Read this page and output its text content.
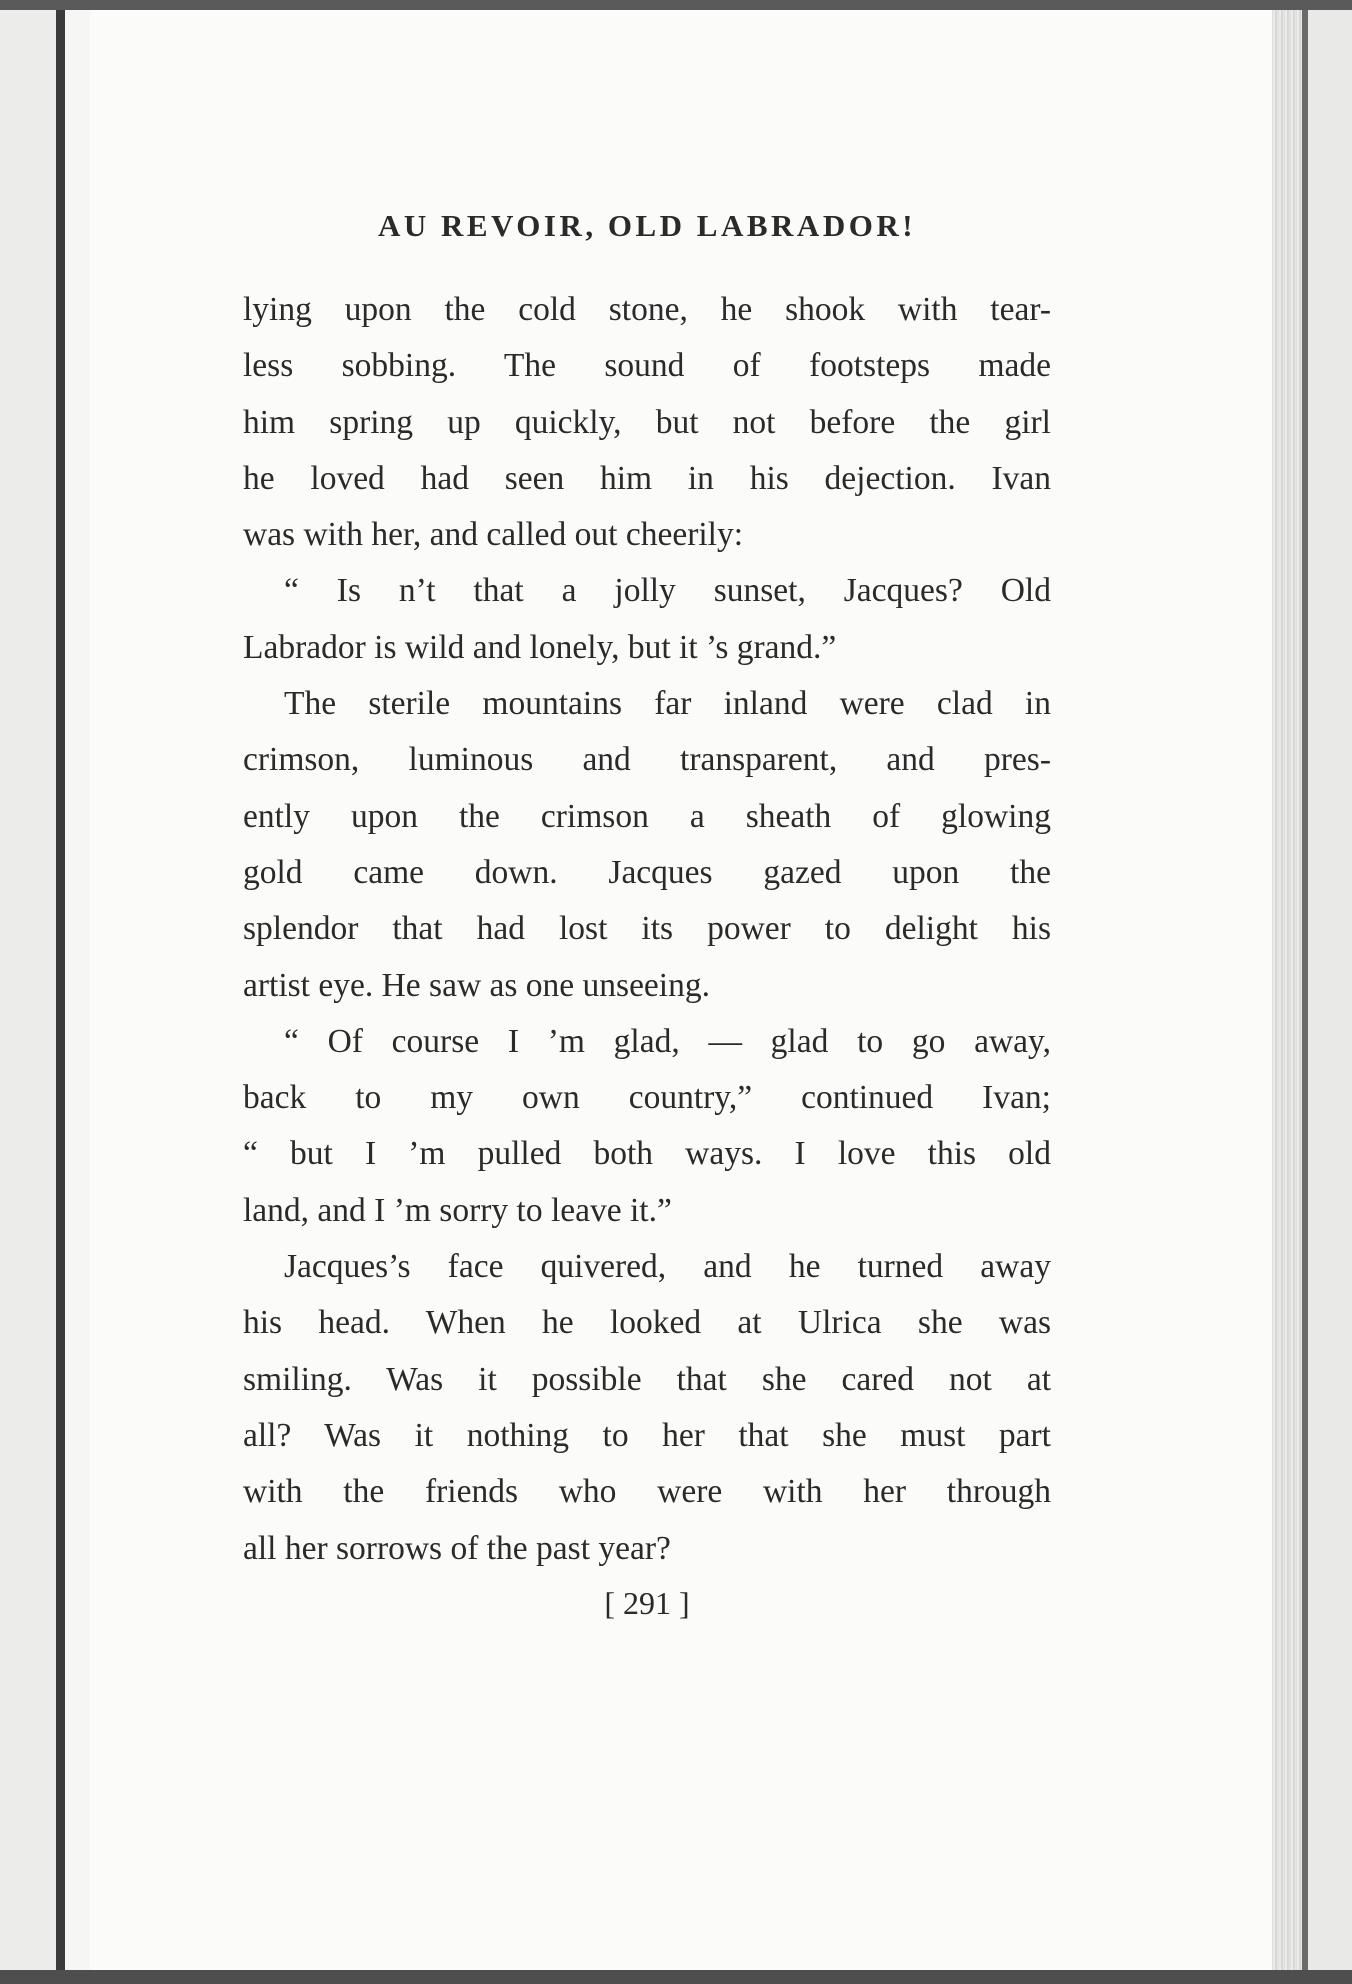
AU REVOIR, OLD LABRADOR!
lying upon the cold stone, he shook with tear-
less sobbing. The sound of footsteps made
him spring up quickly, but not before the girl
he loved had seen him in his dejection. Ivan
was with her, and called out cheerily:
“ Is n’t that a jolly sunset, Jacques? Old
Labrador is wild and lonely, but it ’s grand.”
The sterile mountains far inland were clad in
crimson, luminous and transparent, and pres-
ently upon the crimson a sheath of glowing
gold came down. Jacques gazed upon the
splendor that had lost its power to delight his
artist eye. He saw as one unseeing.
“ Of course I ’m glad, — glad to go away,
back to my own country,” continued Ivan;
“ but I ’m pulled both ways. I love this old
land, and I ’m sorry to leave it.”
Jacques’s face quivered, and he turned away
his head. When he looked at Ulrica she was
smiling. Was it possible that she cared not at
all? Was it nothing to her that she must part
with the friends who were with her through
all her sorrows of the past year?
[ 291 ]
